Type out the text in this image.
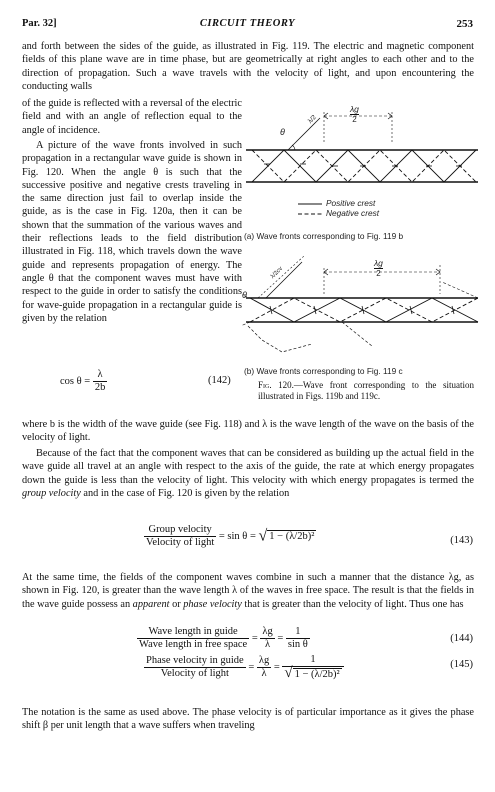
Par. 32]	CIRCUIT THEORY	253
and forth between the sides of the guide, as illustrated in Fig. 119. The electric and magnetic component fields of this plane wave are in time phase, but are geometrically at right angles to each other and to the direction of propagation. Such a wave travels with the velocity of light, and upon encountering the conducting walls
of the guide is reflected with a reversal of the electric field and with an angle of reflection equal to the angle of incidence.
A picture of the wave fronts involved in such propagation in a rectangular wave guide is shown in Fig. 120. When the angle θ is such that the successive positive and negative crests traveling in the same direction just fail to overlap inside the guide, as is the case in Fig. 120a, then it can be shown that the summation of the various waves and their reflections leads to the field distribution illustrated in Fig. 118, which travels down the wave guide and represents propagation of energy. The angle θ that the component waves must have with respect to the guide in order to satisfy the conditions for wave-guide propagation in a rectangular guide is given by the relation
$\cos \theta = \frac{\lambda}{2b}$	(142)
θ
λ/2	$\frac{\lambda g}{2}$
Positive crest
Negative crest
(a) Wave fronts corresponding to Fig. 119 b
θ
λ/2cv	$\frac{\lambda g}{2}$
(b) Wave fronts corresponding to Fig. 119 c
Fig. 120.—Wave front corresponding to the situation illustrated in Figs. 119b and 119c.
where b is the width of the wave guide (see Fig. 118) and λ is the wave length of the wave on the basis of the velocity of light.
Because of the fact that the component waves that can be considered as building up the actual field in the wave guide all travel at an angle with respect to the axis of the guide, the rate at which energy propagates down the guide is less than the velocity of light. This velocity with which energy propagates is termed the group velocity and in the case of Fig. 120 is given by the relation
$\frac{\text{Group velocity}}{\text{Velocity of light}} = \sin \theta$ = √ 1 − (λ/2b)²	(143)
At the same time, the fields of the component waves combine in such a manner that the distance λg, as shown in Fig. 120, is greater than the wave length λ of the waves in free space. The result is that the fields in the wave guide possess an apparent or phase velocity that is greater than the velocity of light. Thus one has
$\frac{\text{Wave length in guide}}{\text{Wave length in free space}} = \frac{\lambda g}{\lambda} = \frac{1}{\text{sin θ}}$	(144)
$\frac{\text{Phase velocity in guide}}{\text{Velocity of light}} = \frac{\lambda g}{\lambda} = \frac{1}{\text{√ 1 − (λ/2b)²}}$	(145)
The notation is the same as used above. The phase velocity is of particular importance as it gives the phase shift β per unit length that a wave suffers when traveling
